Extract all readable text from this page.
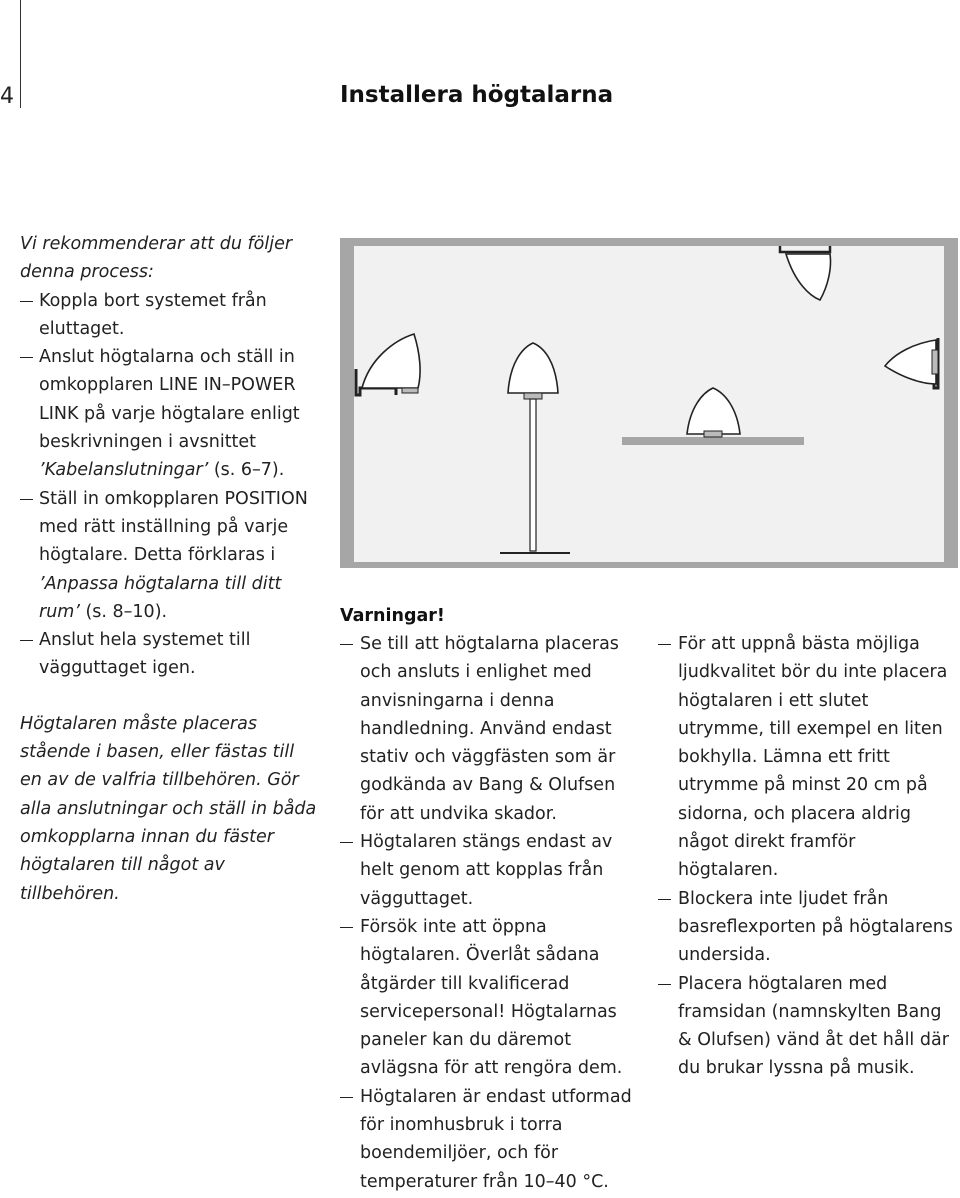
4	Installera högtalarna
Vi rekommenderar att du följer denna process:
Koppla bort systemet från eluttaget.
Anslut högtalarna och ställ in omkopplaren LINE IN–POWER LINK på varje högtalare enligt beskrivningen i avsnittet ’Kabelanslutningar’ (s. 6–7).
Ställ in omkopplaren POSITION med rätt inställning på varje högtalare. Detta förklaras i ’Anpassa högtalarna till ditt rum’ (s. 8–10).
Anslut hela systemet till vägguttaget igen.
Högtalaren måste placeras stående i basen, eller fästas till en av de valfria tillbehören. Gör alla anslutningar och ställ in båda omkopplarna innan du fäster högtalaren till något av tillbehören.
Varningar!
Se till att högtalarna placeras och ansluts i enlighet med anvisningarna i denna handledning. Använd endast stativ och väggfästen som är godkända av Bang & Olufsen för att undvika skador.
Högtalaren stängs endast av helt genom att kopplas från vägguttaget.
Försök inte att öppna högtalaren. Överlåt sådana åtgärder till kvalificerad servicepersonal! Högtalarnas paneler kan du däremot avlägsna för att rengöra dem.
Högtalaren är endast utformad för inomhusbruk i torra boendemiljöer, och för temperaturer från 10–40 °C.
För att uppnå bästa möjliga ljudkvalitet bör du inte placera högtalaren i ett slutet utrymme, till exempel en liten bokhylla. Lämna ett fritt utrymme på minst 20 cm på sidorna, och placera aldrig något direkt framför högtalaren.
Blockera inte ljudet från basreflexporten på högtalarens undersida.
Placera högtalaren med framsidan (namnskylten Bang & Olufsen) vänd åt det håll där du brukar lyssna på musik.
